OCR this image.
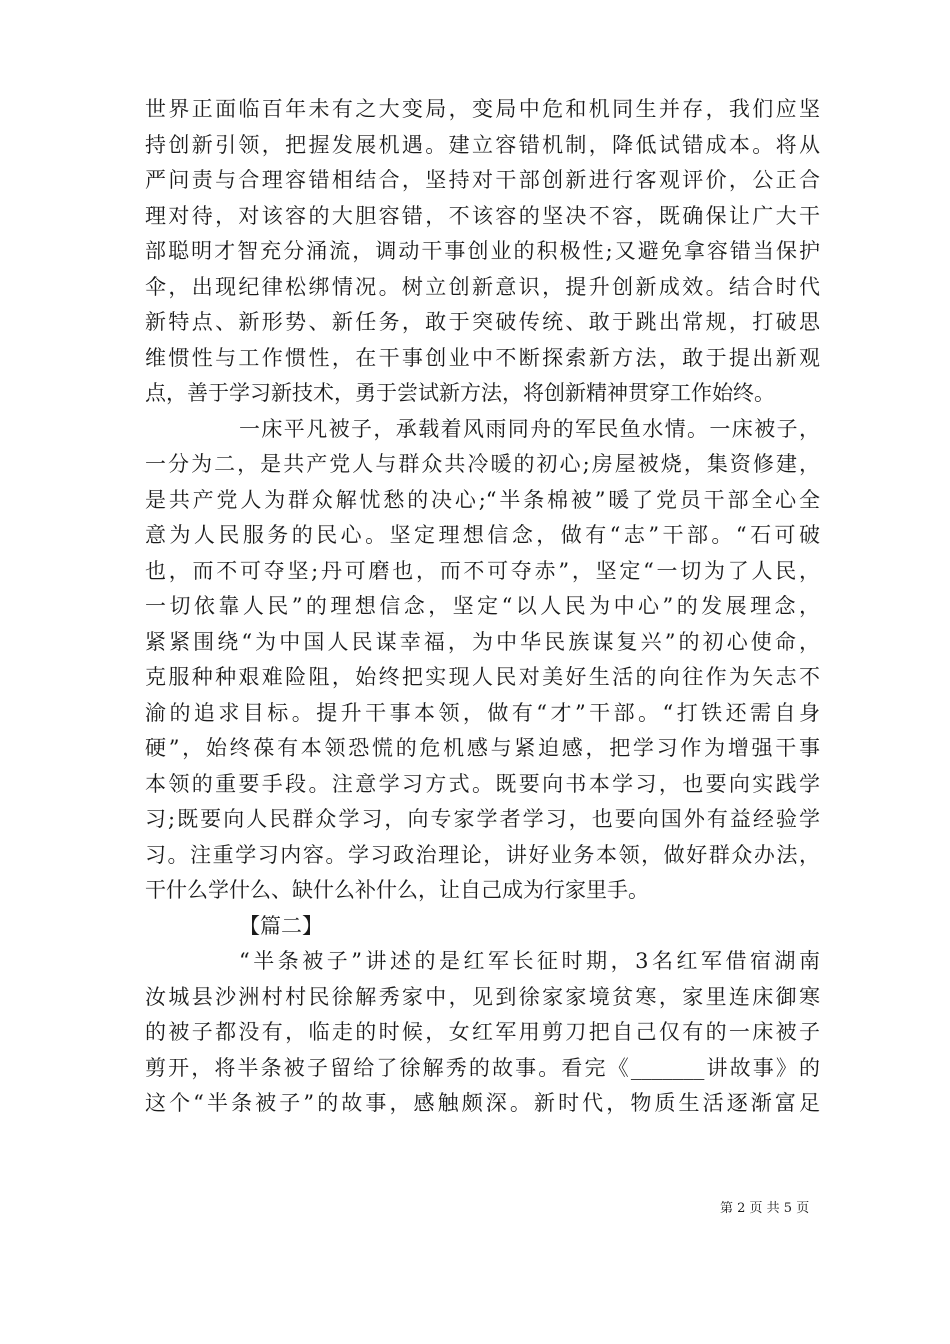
世界正面临百年未有之大变局，变局中危和机同生并存，我们应坚
持创新引领，把握发展机遇。建立容错机制，降低试错成本。将从
严问责与合理容错相结合，坚持对干部创新进行客观评价，公正合
理对待，对该容的大胆容错，不该容的坚决不容，既确保让广大干
部聪明才智充分涌流，调动干事创业的积极性;又避免拿容错当保护
伞，出现纪律松绑情况。树立创新意识，提升创新成效。结合时代
新特点、新形势、新任务，敢于突破传统、敢于跳出常规，打破思
维惯性与工作惯性，在干事创业中不断探索新方法，敢于提出新观
点，善于学习新技术，勇于尝试新方法，将创新精神贯穿工作始终。
一床平凡被子，承载着风雨同舟的军民鱼水情。一床被子，
一分为二，是共产党人与群众共冷暖的初心;房屋被烧，集资修建，
是共产党人为群众解忧愁的决心;“半条棉被”暖了党员干部全心全
意为人民服务的民心。坚定理想信念，做有“志”干部。“石可破
也，而不可夺坚;丹可磨也，而不可夺赤”，坚定“一切为了人民，
一切依靠人民”的理想信念，坚定“以人民为中心”的发展理念，
紧紧围绕“为中国人民谋幸福，为中华民族谋复兴”的初心使命，
克服种种艰难险阻，始终把实现人民对美好生活的向往作为矢志不
渝的追求目标。提升干事本领，做有“才”干部。“打铁还需自身
硬”，始终葆有本领恐慌的危机感与紧迫感，把学习作为增强干事
本领的重要手段。注意学习方式。既要向书本学习，也要向实践学
习;既要向人民群众学习，向专家学者学习，也要向国外有益经验学
习。注重学习内容。学习政治理论，讲好业务本领，做好群众办法，
干什么学什么、缺什么补什么，让自己成为行家里手。
【篇二】
“半条被子”讲述的是红军长征时期，3名红军借宿湖南
汝城县沙洲村村民徐解秀家中，见到徐家家境贫寒，家里连床御寒
的被子都没有，临走的时候，女红军用剪刀把自己仅有的一床被子
剪开，将半条被子留给了徐解秀的故事。看完《_______讲故事》的
这个“半条被子”的故事，感触颇深。新时代，物质生活逐渐富足
第 2 页 共 5 页
